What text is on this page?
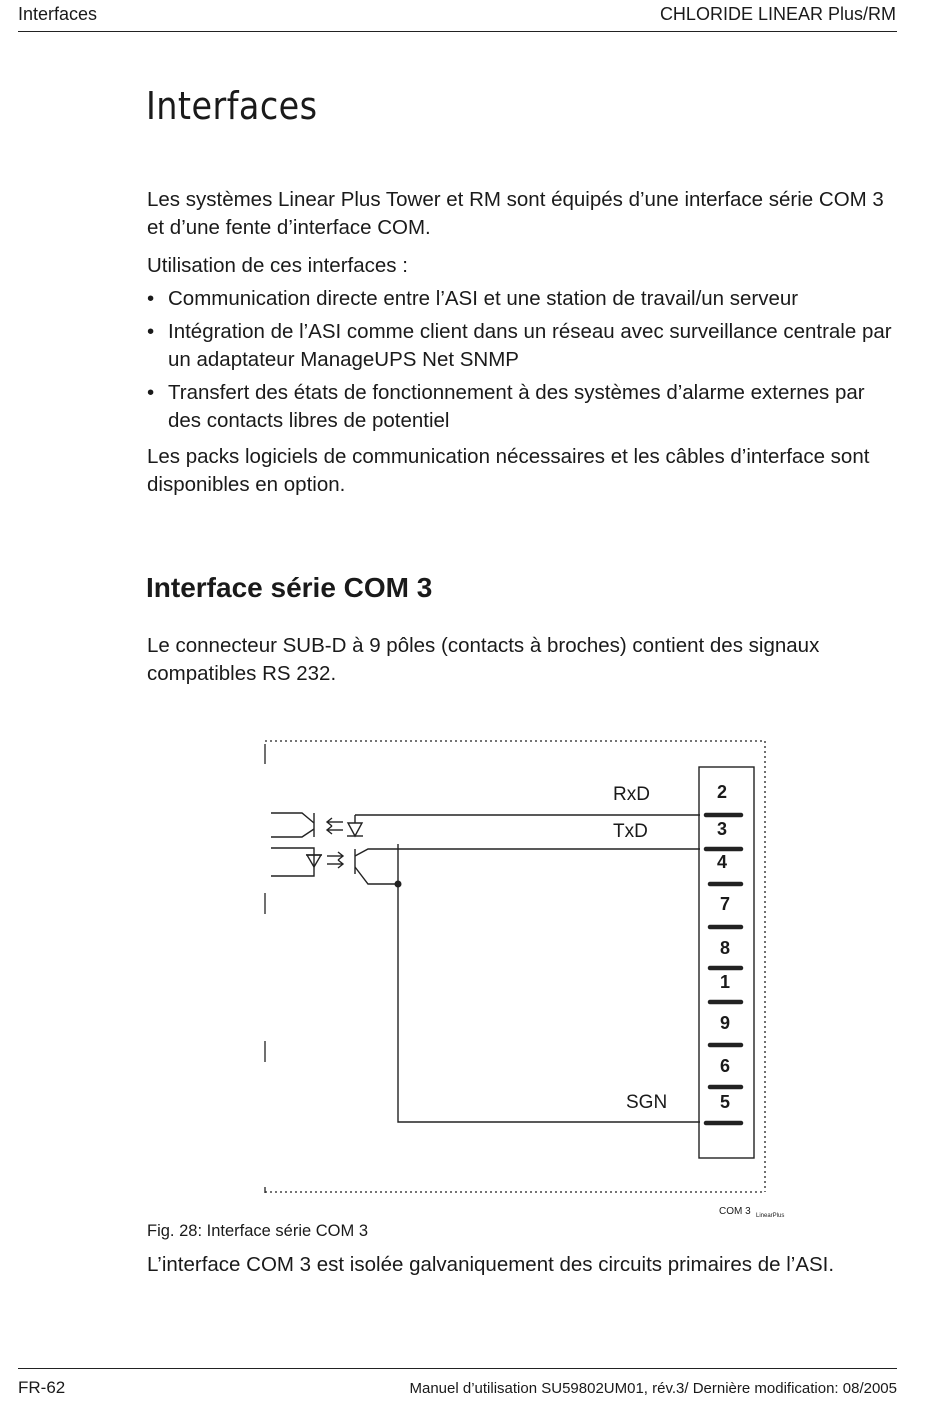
Interfaces	CHLORIDE LINEAR Plus/RM
Interfaces

Les systèmes Linear Plus Tower et RM sont équipés d’une interface série COM 3 et d’une fente d’interface COM.

Utilisation de ces interfaces :

• Communication directe entre l’ASI et une station de travail/un serveur
• Intégration de l’ASI comme client dans un réseau avec surveillance centrale par un adaptateur ManageUPS Net SNMP
• Transfert des états de fonctionnement à des systèmes d’alarme externes par des contacts libres de potentiel

Les packs logiciels de communication nécessaires et les câbles d’interface sont disponibles en option.

Interface série COM 3

Le connecteur SUB-D à 9 pôles (contacts à broches) contient des signaux compatibles RS 232.

RxD
TxD
SGN
2
3
4
7
8
1
9
6
5
COM 3 LinearPlus
Fig. 28: Interface série COM 3

L’interface COM 3 est isolée galvaniquement des circuits primaires de l’ASI.

FR-62	Manuel d’utilisation SU59802UM01, rév.3/ Dernière modification: 08/2005
